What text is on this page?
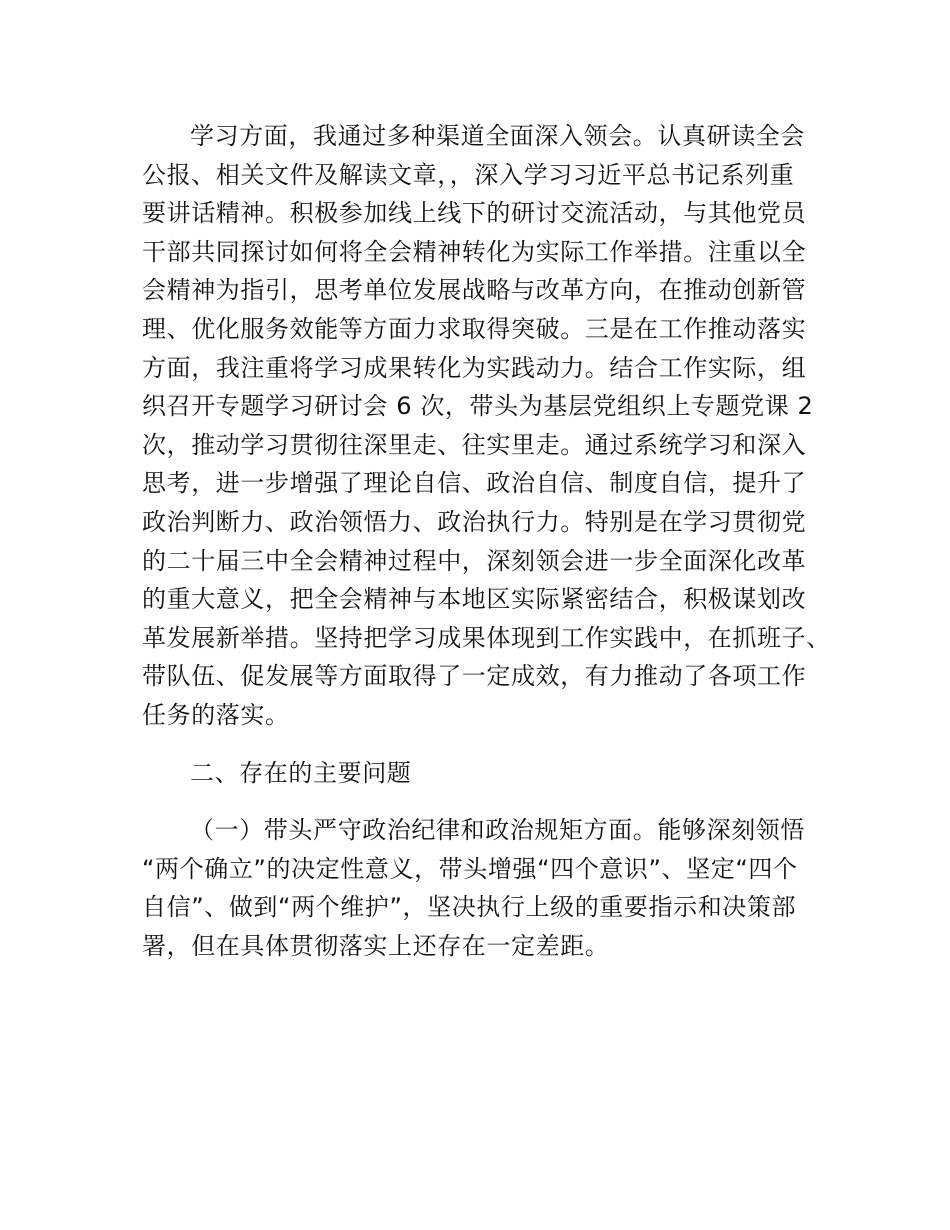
学习方面，我通过多种渠道全面深入领会。认真研读全会
公报、相关文件及解读文章，，深入学习习近平总书记系列重
要讲话精神。积极参加线上线下的研讨交流活动，与其他党员
干部共同探讨如何将全会精神转化为实际工作举措。注重以全
会精神为指引，思考单位发展战略与改革方向，在推动创新管
理、优化服务效能等方面力求取得突破。三是在工作推动落实
方面，我注重将学习成果转化为实践动力。结合工作实际，组
织召开专题学习研讨会 6 次，带头为基层党组织上专题党课 2
次，推动学习贯彻往深里走、往实里走。通过系统学习和深入
思考，进一步增强了理论自信、政治自信、制度自信，提升了
政治判断力、政治领悟力、政治执行力。特别是在学习贯彻党
的二十届三中全会精神过程中，深刻领会进一步全面深化改革
的重大意义，把全会精神与本地区实际紧密结合，积极谋划改
革发展新举措。坚持把学习成果体现到工作实践中，在抓班子、
带队伍、促发展等方面取得了一定成效，有力推动了各项工作
任务的落实。
二、存在的主要问题
（一）带头严守政治纪律和政治规矩方面。能够深刻领悟
“两个确立”的决定性意义，带头增强“四个意识”、坚定“四个
自信”、做到“两个维护”，坚决执行上级的重要指示和决策部
署，但在具体贯彻落实上还存在一定差距。
